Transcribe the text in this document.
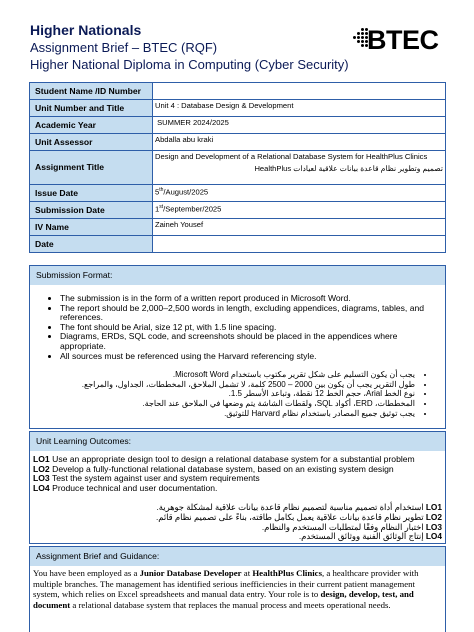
Higher Nationals
Assignment Brief – BTEC (RQF)
Higher National Diploma in Computing (Cyber Security)
BTEC
Student Name /ID Number	
Unit Number and Title	Unit 4 : Database Design & Development
Academic Year	SUMMER 2024/2025
Unit Assessor	Abdalla abu kraki
Assignment Title	Design and Development of a Relational Database System for HealthPlus Clinics
تصميم وتطوير نظام قاعدة بيانات علاقية لعيادات HealthPlus

Issue Date	5th/August/2025
Submission Date	1st/September/2025
IV Name	Zaineh Yousef
Date	
Submission Format:
• The submission is in the form of a written report produced in Microsoft Word.
• The report should be 2,000–2,500 words in length, excluding appendices, diagrams, tables, and references.
• The font should be Arial, size 12 pt, with 1.5 line spacing.
• Diagrams, ERDs, SQL code, and screenshots should be placed in the appendices where appropriate.
• All sources must be referenced using the Harvard referencing style.
• يجب أن يكون التسليم على شكل تقرير مكتوب باستخدام Microsoft Word.
• طول التقرير يجب أن يكون بين 2000 – 2500 كلمة، لا تشمل الملاحق، المخططات، الجداول، والمراجع.
• نوع الخط Arial، حجم الخط 12 نقطة، وتباعد الأسطر 1.5.
• المخططات، ERD، أكواد SQL، ولقطات الشاشة يتم وضعها في الملاحق عند الحاجة.
• يجب توثيق جميع المصادر باستخدام نظام Harvard للتوثيق.
Unit Learning Outcomes:
LO1 Use an appropriate design tool to design a relational database system for a substantial problem
LO2 Develop a fully-functional relational database system, based on an existing system design
LO3 Test the system against user and system requirements
LO4 Produce technical and user documentation.
LO1 استخدام أداة تصميم مناسبة لتصميم نظام قاعدة بيانات علاقية لمشكلة جوهرية.
LO2 تطوير نظام قاعدة بيانات علاقية يعمل بكامل طاقته، بناءً على تصميم نظام قائم.
LO3 اختبار النظام وفقًا لمتطلبات المستخدم والنظام.
LO4 إنتاج الوثائق الفنية ووثائق المستخدم.
Assignment Brief and Guidance:
You have been employed as a Junior Database Developer at HealthPlus Clinics, a healthcare provider with multiple branches. The management has identified serious inefficiencies in their current patient management system, which relies on Excel spreadsheets and manual data entry. Your role is to design, develop, test, and document a relational database system that replaces the manual process and meets operational needs.
